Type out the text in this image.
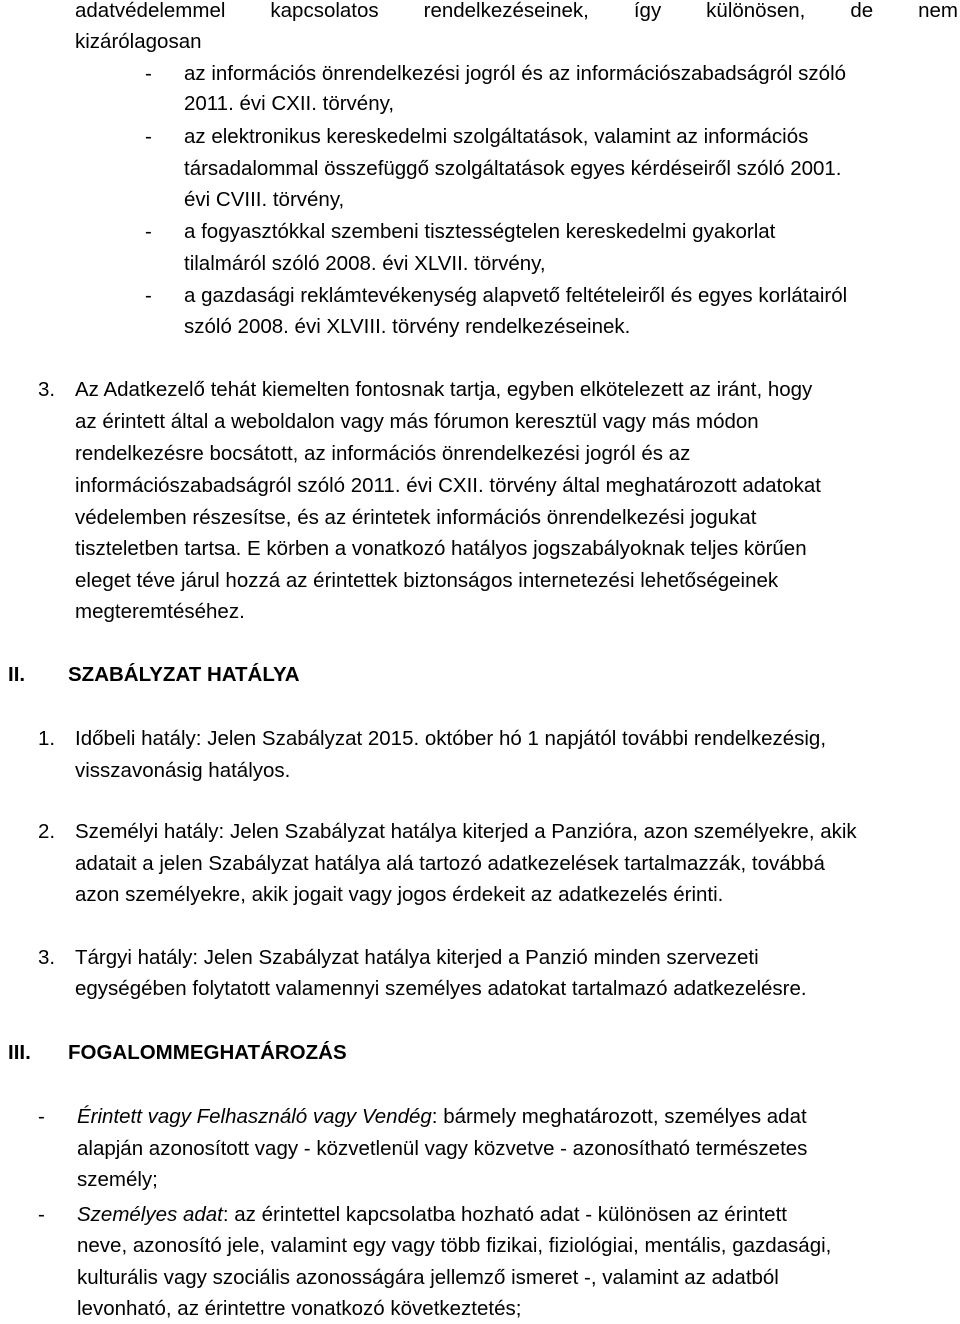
adatvédelemmel kapcsolatos rendelkezéseinek, így különösen, de nem
kizárólagosan
- az információs önrendelkezési jogról és az információszabadságról szóló
2011. évi CXII. törvény,
- az elektronikus kereskedelmi szolgáltatások, valamint az információs
társadalommal összefüggő szolgáltatások egyes kérdéseiről szóló 2001.
évi CVIII. törvény,
- a fogyasztókkal szembeni tisztességtelen kereskedelmi gyakorlat
tilalmáról szóló 2008. évi XLVII. törvény,
- a gazdasági reklámtevékenység alapvető feltételeiről és egyes korlátairól
szóló 2008. évi XLVIII. törvény rendelkezéseinek.
3. Az Adatkezelő tehát kiemelten fontosnak tartja, egyben elkötelezett az iránt, hogy
az érintett által a weboldalon vagy más fórumon keresztül vagy más módon
rendelkezésre bocsátott, az információs önrendelkezési jogról és az
információszabadságról szóló 2011. évi CXII. törvény által meghatározott adatokat
védelemben részesítse, és az érintetek információs önrendelkezési jogukat
tiszteletben tartsa. E körben a vonatkozó hatályos jogszabályoknak teljes körűen
eleget téve járul hozzá az érintettek biztonságos internetezési lehetőségeinek
megteremtéséhez.
II. SZABÁLYZAT HATÁLYA
1. Időbeli hatály: Jelen Szabályzat 2015. október hó 1 napjától további rendelkezésig,
visszavonásig hatályos.
2. Személyi hatály: Jelen Szabályzat hatálya kiterjed a Panzióra, azon személyekre, akik
adatait a jelen Szabályzat hatálya alá tartozó adatkezelések tartalmazzák, továbbá
azon személyekre, akik jogait vagy jogos érdekeit az adatkezelés érinti.
3. Tárgyi hatály: Jelen Szabályzat hatálya kiterjed a Panzió minden szervezeti
egységében folytatott valamennyi személyes adatokat tartalmazó adatkezelésre.
III. FOGALOMMEGHATÁROZÁS
- Érintett vagy Felhasználó vagy Vendég: bármely meghatározott, személyes adat
alapján azonosított vagy - közvetlenül vagy közvetve - azonosítható természetes
személy;
- Személyes adat: az érintettel kapcsolatba hozható adat - különösen az érintett
neve, azonosító jele, valamint egy vagy több fizikai, fiziológiai, mentális, gazdasági,
kulturális vagy szociális azonosságára jellemző ismeret -, valamint az adatból
levonható, az érintettre vonatkozó következtetés;
